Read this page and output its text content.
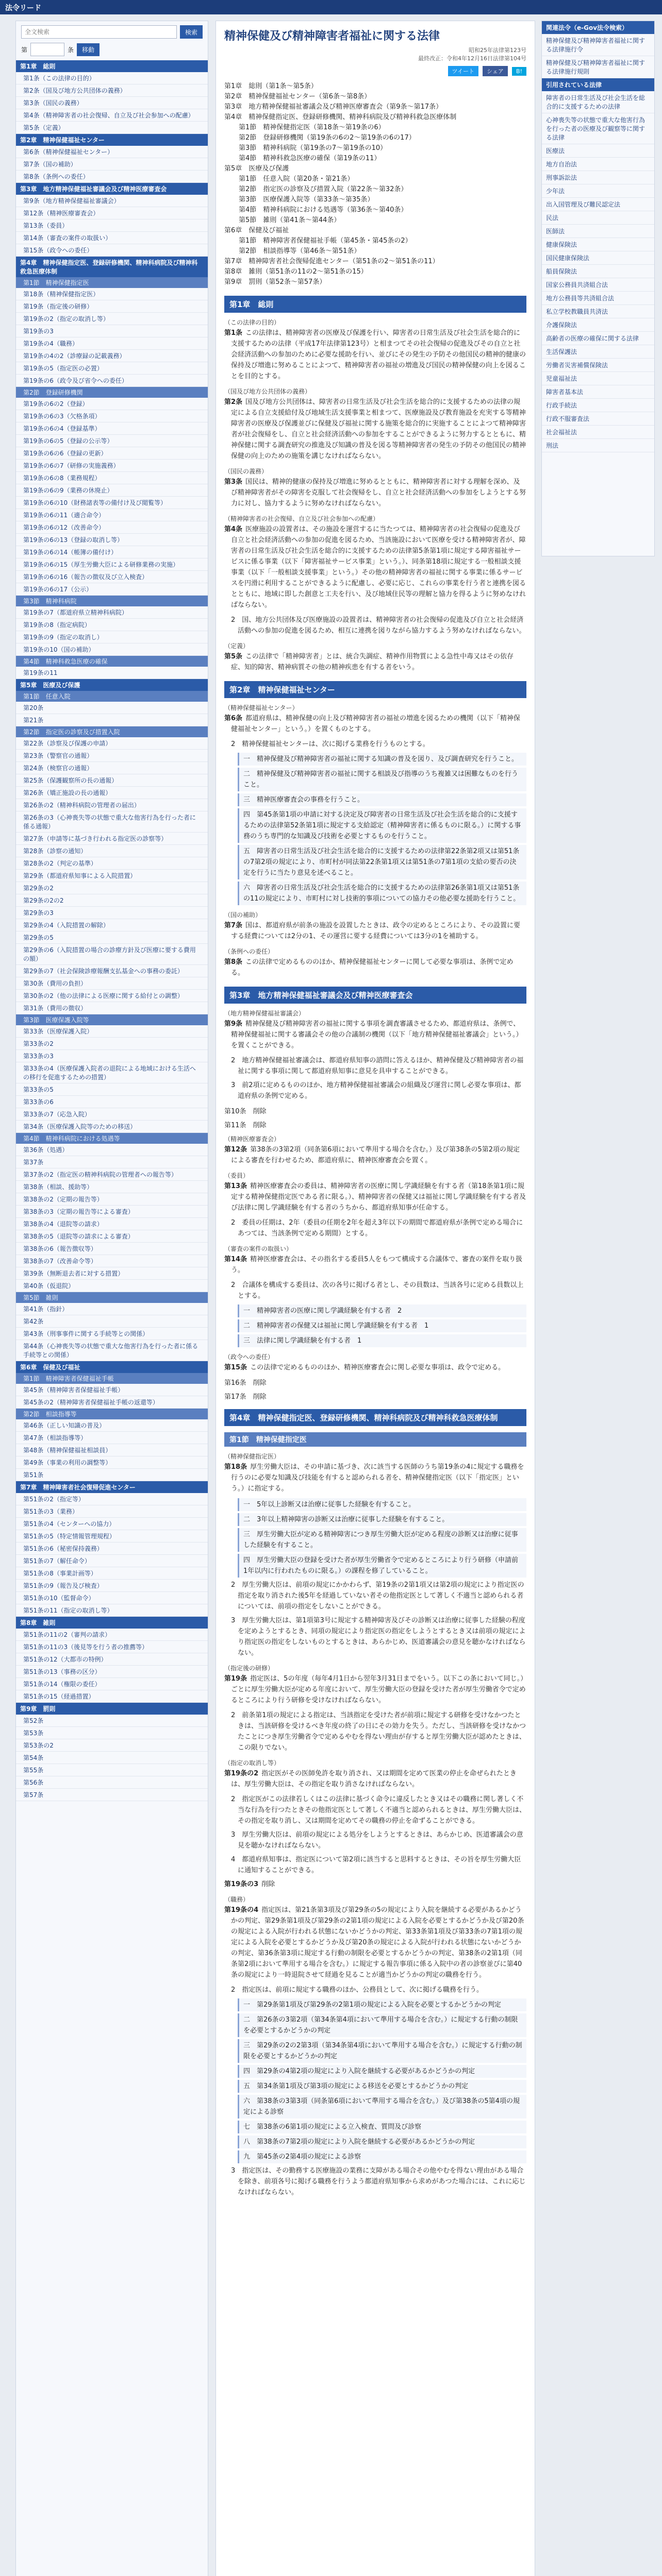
法令リード
全文検索
検索
第	条	移動
第1章　総則
第1条（この法律の目的）
第2条（国及び地方公共団体の義務）
第3条（国民の義務）
第4条（精神障害者の社会復帰、自立及び社会参加への配慮）
第5条（定義）
第2章　精神保健福祉センター
第6条（精神保健福祉センター）
第7条（国の補助）
第8条（条例への委任）
第3章　地方精神保健福祉審議会及び精神医療審査会
第9条（地方精神保健福祉審議会）
第12条（精神医療審査会）
第13条（委員）
第14条（審査の案件の取扱い）
第15条（政令への委任）
第4章　精神保健指定医、登録研修機関、精神科病院及び精神科救急医療体制
第1節　精神保健指定医
第18条（精神保健指定医）
第19条（指定後の研修）
第19条の2（指定の取消し等）
第19条の3
第19条の4（職務）
第19条の4の2（診療録の記載義務）
第19条の5（指定医の必置）
第19条の6（政令及び省令への委任）
第2節　登録研修機関
第19条の6の2（登録）
第19条の6の3（欠格条項）
第19条の6の4（登録基準）
第19条の6の5（登録の公示等）
第19条の6の6（登録の更新）
第19条の6の7（研修の実施義務）
第19条の6の8（業務規程）
第19条の6の9（業務の休廃止）
第19条の6の10（財務諸表等の備付け及び閲覧等）
第19条の6の11（適合命令）
第19条の6の12（改善命令）
第19条の6の13（登録の取消し等）
第19条の6の14（帳簿の備付け）
第19条の6の15（厚生労働大臣による研修業務の実施）
第19条の6の16（報告の徴収及び立入検査）
第19条の6の17（公示）
第3節　精神科病院
第19条の7（都道府県立精神科病院）
第19条の8（指定病院）
第19条の9（指定の取消し）
第19条の10（国の補助）
第4節　精神科救急医療の確保
第19条の11
第5章　医療及び保護
第1節　任意入院
第20条
第21条
第2節　指定医の診察及び措置入院
第22条（診察及び保護の申請）
第23条（警察官の通報）
第24条（検察官の通報）
第25条（保護観察所の長の通報）
第26条（矯正施設の長の通報）
第26条の2（精神科病院の管理者の届出）
第26条の3（心神喪失等の状態で重大な他害行為を行った者に係る通報）
第27条（申請等に基づき行われる指定医の診察等）
第28条（診察の通知）
第28条の2（判定の基準）
第29条（都道府県知事による入院措置）
第29条の2
第29条の2の2
第29条の3
第29条の4（入院措置の解除）
第29条の5
第29条の6（入院措置の場合の診療方針及び医療に要する費用の額）
第29条の7（社会保険診療報酬支払基金への事務の委託）
第30条（費用の負担）
第30条の2（他の法律による医療に関する給付との調整）
第31条（費用の徴収）
第3節　医療保護入院等
第33条（医療保護入院）
第33条の2
第33条の3
第33条の4（医療保護入院者の退院による地域における生活への移行を促進するための措置）
第33条の5
第33条の6
第33条の7（応急入院）
第34条（医療保護入院等のための移送）
第4節　精神科病院における処遇等
第36条（処遇）
第37条
第37条の2（指定医の精神科病院の管理者への報告等）
第38条（相談、援助等）
第38条の2（定期の報告等）
第38条の3（定期の報告等による審査）
第38条の4（退院等の請求）
第38条の5（退院等の請求による審査）
第38条の6（報告徴収等）
第38条の7（改善命令等）
第39条（無断退去者に対する措置）
第40条（仮退院）
第5節　雑則
第41条（指針）
第42条
第43条（刑事事件に関する手続等との関係）
第44条（心神喪失等の状態で重大な他害行為を行った者に係る手続等との関係）
第6章　保健及び福祉
第1節　精神障害者保健福祉手帳
第45条（精神障害者保健福祉手帳）
第45条の2（精神障害者保健福祉手帳の返還等）
第2節　相談指導等
第46条（正しい知識の普及）
第47条（相談指導等）
第48条（精神保健福祉相談員）
第49条（事業の利用の調整等）
第51条
第7章　精神障害者社会復帰促進センター
第51条の2（指定等）
第51条の3（業務）
第51条の4（センターへの協力）
第51条の5（特定情報管理規程）
第51条の6（秘密保持義務）
第51条の7（解任命令）
第51条の8（事業計画等）
第51条の9（報告及び検査）
第51条の10（監督命令）
第51条の11（指定の取消し等）
第8章　雑則
第51条の11の2（審判の請求）
第51条の11の3（後見等を行う者の推薦等）
第51条の12（大都市の特例）
第51条の13（事務の区分）
第51条の14（権限の委任）
第51条の15（経過措置）
第9章　罰則
第52条
第53条
第53条の2
第54条
第55条
第56条
第57条
精神保健及び精神障害者福祉に関する法律
昭和25年法律第123号
最終改正：令和4年12月16日法律第104号
ツイート シェア B!
第1章　総則（第1条〜第5条）
第2章　精神保健福祉センター（第6条〜第8条）
第3章　地方精神保健福祉審議会及び精神医療審査会（第9条〜第17条）
第4章　精神保健指定医、登録研修機関、精神科病院及び精神科救急医療体制
第1節　精神保健指定医（第18条〜第19条の6）
第2節　登録研修機関（第19条の6の2〜第19条の6の17）
第3節　精神科病院（第19条の7〜第19条の10）
第4節　精神科救急医療の確保（第19条の11）
第5章　医療及び保護
第1節　任意入院（第20条・第21条）
第2節　指定医の診察及び措置入院（第22条〜第32条）
第3節　医療保護入院等（第33条〜第35条）
第4節　精神科病院における処遇等（第36条〜第40条）
第5節　雑則（第41条〜第44条）
第6章　保健及び福祉
第1節　精神障害者保健福祉手帳（第45条・第45条の2）
第2節　相談指導等（第46条〜第51条）
第7章　精神障害者社会復帰促進センター（第51条の2〜第51条の11）
第8章　雑則（第51条の11の2〜第51条の15）
第9章　罰則（第52条〜第57条）
第1章　総則
（この法律の目的）

第1条 この法律は、精神障害者の医療及び保護を行い、障害者の日常生活及び社会生活を総合的に支援するための法律（平成17年法律第123号）と相まつてその社会復帰の促進及びその自立と社会経済活動への参加のために必要な援助を行い、並びにその発生の予防その他国民の精神的健康の保持及び増進に努めることによつて、精神障害者の福祉の増進及び国民の精神保健の向上を図ることを目的とする。

（国及び地方公共団体の義務）

第2条 国及び地方公共団体は、障害者の日常生活及び社会生活を総合的に支援するための法律の規定による自立支援給付及び地域生活支援事業と相まつて、医療施設及び教育施設を充実する等精神障害者の医療及び保護並びに保健及び福祉に関する施策を総合的に実施することによつて精神障害者が社会復帰をし、自立と社会経済活動への参加をすることができるように努力するとともに、精神保健に関する調査研究の推進及び知識の普及を図る等精神障害者の発生の予防その他国民の精神保健の向上のための施策を講じなければならない。

（国民の義務）

第3条 国民は、精神的健康の保持及び増進に努めるとともに、精神障害者に対する理解を深め、及び精神障害者がその障害を克服して社会復帰をし、自立と社会経済活動への参加をしようとする努力に対し、協力するように努めなければならない。

（精神障害者の社会復帰、自立及び社会参加への配慮）

第4条 医療施設の設置者は、その施設を運営するに当たつては、精神障害者の社会復帰の促進及び自立と社会経済活動への参加の促進を図るため、当該施設において医療を受ける精神障害者が、障害者の日常生活及び社会生活を総合的に支援するための法律第5条第1項に規定する障害福祉サービスに係る事業（以下「障害福祉サービス事業」という。）、同条第18項に規定する一般相談支援事業（以下「一般相談支援事業」という。）その他の精神障害者の福祉に関する事業に係るサービスを円滑に利用することができるように配慮し、必要に応じ、これらの事業を行う者と連携を図るとともに、地域に即した創意と工夫を行い、及び地域住民等の理解と協力を得るように努めなければならない。

2　国、地方公共団体及び医療施設の設置者は、精神障害者の社会復帰の促進及び自立と社会経済活動への参加の促進を図るため、相互に連携を図りながら協力するよう努めなければならない。

（定義）

第5条 この法律で「精神障害者」とは、統合失調症、精神作用物質による急性中毒又はその依存症、知的障害、精神病質その他の精神疾患を有する者をいう。

第2章　精神保健福祉センター
（精神保健福祉センター）

第6条 都道府県は、精神保健の向上及び精神障害者の福祉の増進を図るための機関（以下「精神保健福祉センター」という。）を置くものとする。

2　精神保健福祉センターは、次に掲げる業務を行うものとする。

一　精神保健及び精神障害者の福祉に関する知識の普及を図り、及び調査研究を行うこと。
二　精神保健及び精神障害者の福祉に関する相談及び指導のうち複雑又は困難なものを行うこと。
三　精神医療審査会の事務を行うこと。
四　第45条第1項の申請に対する決定及び障害者の日常生活及び社会生活を総合的に支援するための法律第52条第1項に規定する支給認定（精神障害者に係るものに限る。）に関する事務のうち専門的な知識及び技術を必要とするものを行うこと。
五　障害者の日常生活及び社会生活を総合的に支援するための法律第22条第2項又は第51条の7第2項の規定により、市町村が同法第22条第1項又は第51条の7第1項の支給の要否の決定を行うに当たり意見を述べること。
六　障害者の日常生活及び社会生活を総合的に支援するための法律第26条第1項又は第51条の11の規定により、市町村に対し技術的事項についての協力その他必要な援助を行うこと。
（国の補助）

第7条 国は、都道府県が前条の施設を設置したときは、政令の定めるところにより、その設置に要する経費については2分の1、その運営に要する経費については3分の1を補助する。

（条例への委任）

第8条 この法律で定めるもののほか、精神保健福祉センターに関して必要な事項は、条例で定める。

第3章　地方精神保健福祉審議会及び精神医療審査会
（地方精神保健福祉審議会）

第9条 精神保健及び精神障害者の福祉に関する事項を調査審議させるため、都道府県は、条例で、精神保健福祉に関する審議会その他の合議制の機関（以下「地方精神保健福祉審議会」という。）を置くことができる。

2　地方精神保健福祉審議会は、都道府県知事の諮問に答えるほか、精神保健及び精神障害者の福祉に関する事項に関して都道府県知事に意見を具申することができる。

3　前2項に定めるもののほか、地方精神保健福祉審議会の組織及び運営に関し必要な事項は、都道府県の条例で定める。

第10条　削除

第11条　削除

（精神医療審査会）

第12条 第38条の3第2項（同条第6項において準用する場合を含む。）及び第38条の5第2項の規定による審査を行わせるため、都道府県に、精神医療審査会を置く。

（委員）

第13条 精神医療審査会の委員は、精神障害者の医療に関し学識経験を有する者（第18条第1項に規定する精神保健指定医である者に限る。）、精神障害者の保健又は福祉に関し学識経験を有する者及び法律に関し学識経験を有する者のうちから、都道府県知事が任命する。

2　委員の任期は、2年（委員の任期を2年を超え3年以下の期間で都道府県が条例で定める場合にあつては、当該条例で定める期間）とする。

（審査の案件の取扱い）

第14条 精神医療審査会は、その指名する委員5人をもつて構成する合議体で、審査の案件を取り扱う。

2　合議体を構成する委員は、次の各号に掲げる者とし、その員数は、当該各号に定める員数以上とする。

一　精神障害者の医療に関し学識経験を有する者　2
二　精神障害者の保健又は福祉に関し学識経験を有する者　1
三　法律に関し学識経験を有する者　1
（政令への委任）

第15条 この法律で定めるもののほか、精神医療審査会に関し必要な事項は、政令で定める。

第16条　削除

第17条　削除

第4章　精神保健指定医、登録研修機関、精神科病院及び精神科救急医療体制
第1節　精神保健指定医
（精神保健指定医）

第18条 厚生労働大臣は、その申請に基づき、次に該当する医師のうち第19条の4に規定する職務を行うのに必要な知識及び技能を有すると認められる者を、精神保健指定医（以下「指定医」という。）に指定する。

一　5年以上診断又は治療に従事した経験を有すること。
二　3年以上精神障害の診断又は治療に従事した経験を有すること。
三　厚生労働大臣が定める精神障害につき厚生労働大臣が定める程度の診断又は治療に従事した経験を有すること。
四　厚生労働大臣の登録を受けた者が厚生労働省令で定めるところにより行う研修（申請前1年以内に行われたものに限る。）の課程を修了していること。

2　厚生労働大臣は、前項の規定にかかわらず、第19条の2第1項又は第2項の規定により指定医の指定を取り消された後5年を経過していない者その他指定医として著しく不適当と認められる者については、前項の指定をしないことができる。

3　厚生労働大臣は、第1項第3号に規定する精神障害及びその診断又は治療に従事した経験の程度を定めようとするとき、同項の規定により指定医の指定をしようとするとき又は前項の規定により指定医の指定をしないものとするときは、あらかじめ、医道審議会の意見を聴かなければならない。

（指定後の研修）

第19条 指定医は、5の年度（毎年4月1日から翌年3月31日までをいう。以下この条において同じ。）ごとに厚生労働大臣が定める年度において、厚生労働大臣の登録を受けた者が厚生労働省令で定めるところにより行う研修を受けなければならない。

2　前条第1項の規定による指定は、当該指定を受けた者が前項に規定する研修を受けなかつたときは、当該研修を受けるべき年度の終了の日にその効力を失う。ただし、当該研修を受けなかつたことにつき厚生労働省令で定めるやむを得ない理由が存すると厚生労働大臣が認めたときは、この限りでない。

（指定の取消し等）

第19条の2 指定医がその医師免許を取り消され、又は期間を定めて医業の停止を命ぜられたときは、厚生労働大臣は、その指定を取り消さなければならない。

2　指定医がこの法律若しくはこの法律に基づく命令に違反したとき又はその職務に関し著しく不当な行為を行つたときその他指定医として著しく不適当と認められるときは、厚生労働大臣は、その指定を取り消し、又は期間を定めてその職務の停止を命ずることができる。

3　厚生労働大臣は、前項の規定による処分をしようとするときは、あらかじめ、医道審議会の意見を聴かなければならない。

4　都道府県知事は、指定医について第2項に該当すると思料するときは、その旨を厚生労働大臣に通知することができる。

第19条の3 削除

（職務）

第19条の4 指定医は、第21条第3項及び第29条の5の規定により入院を継続する必要があるかどうかの判定、第29条第1項及び第29条の2第1項の規定による入院を必要とするかどうか及び第20条の規定による入院が行われる状態にないかどうかの判定、第33条第1項及び第33条の7第1項の規定による入院を必要とするかどうか及び第20条の規定による入院が行われる状態にないかどうかの判定、第36条第3項に規定する行動の制限を必要とするかどうかの判定、第38条の2第1項（同条第2項において準用する場合を含む。）に規定する報告事項に係る入院中の者の診察並びに第40条の規定により一時退院させて経過を見ることが適当かどうかの判定の職務を行う。

2　指定医は、前項に規定する職務のほか、公務員として、次に掲げる職務を行う。

一　第29条第1項及び第29条の2第1項の規定による入院を必要とするかどうかの判定
二　第26条の3第2項（第34条第4項において準用する場合を含む。）に規定する行動の制限を必要とするかどうかの判定
三　第29条の2の2第3項（第34条第4項において準用する場合を含む。）に規定する行動の制限を必要とするかどうかの判定
四　第29条の4第2項の規定により入院を継続する必要があるかどうかの判定
五　第34条第1項及び第3項の規定による移送を必要とするかどうかの判定
六　第38条の3第3項（同条第6項において準用する場合を含む。）及び第38条の5第4項の規定による診察
七　第38条の6第1項の規定による立入検査、質問及び診察
八　第38条の7第2項の規定により入院を継続する必要があるかどうかの判定
九　第45条の2第4項の規定による診察

3　指定医は、その勤務する医療施設の業務に支障がある場合その他やむを得ない理由がある場合を除き、前項各号に掲げる職務を行うよう都道府県知事から求めがあつた場合には、これに応じなければならない。

関連法令（e-Gov法令検索）
精神保健及び精神障害者福祉に関する法律施行令
精神保健及び精神障害者福祉に関する法律施行規則
引用されている法律
障害者の日常生活及び社会生活を総合的に支援するための法律
心神喪失等の状態で重大な他害行為を行った者の医療及び観察等に関する法律
医療法
地方自治法
刑事訴訟法
少年法
出入国管理及び難民認定法
民法
医師法
健康保険法
国民健康保険法
船員保険法
国家公務員共済組合法
地方公務員等共済組合法
私立学校教職員共済法
介護保険法
高齢者の医療の確保に関する法律
生活保護法
労働者災害補償保険法
児童福祉法
障害者基本法
行政手続法
行政不服審査法
社会福祉法
刑法
